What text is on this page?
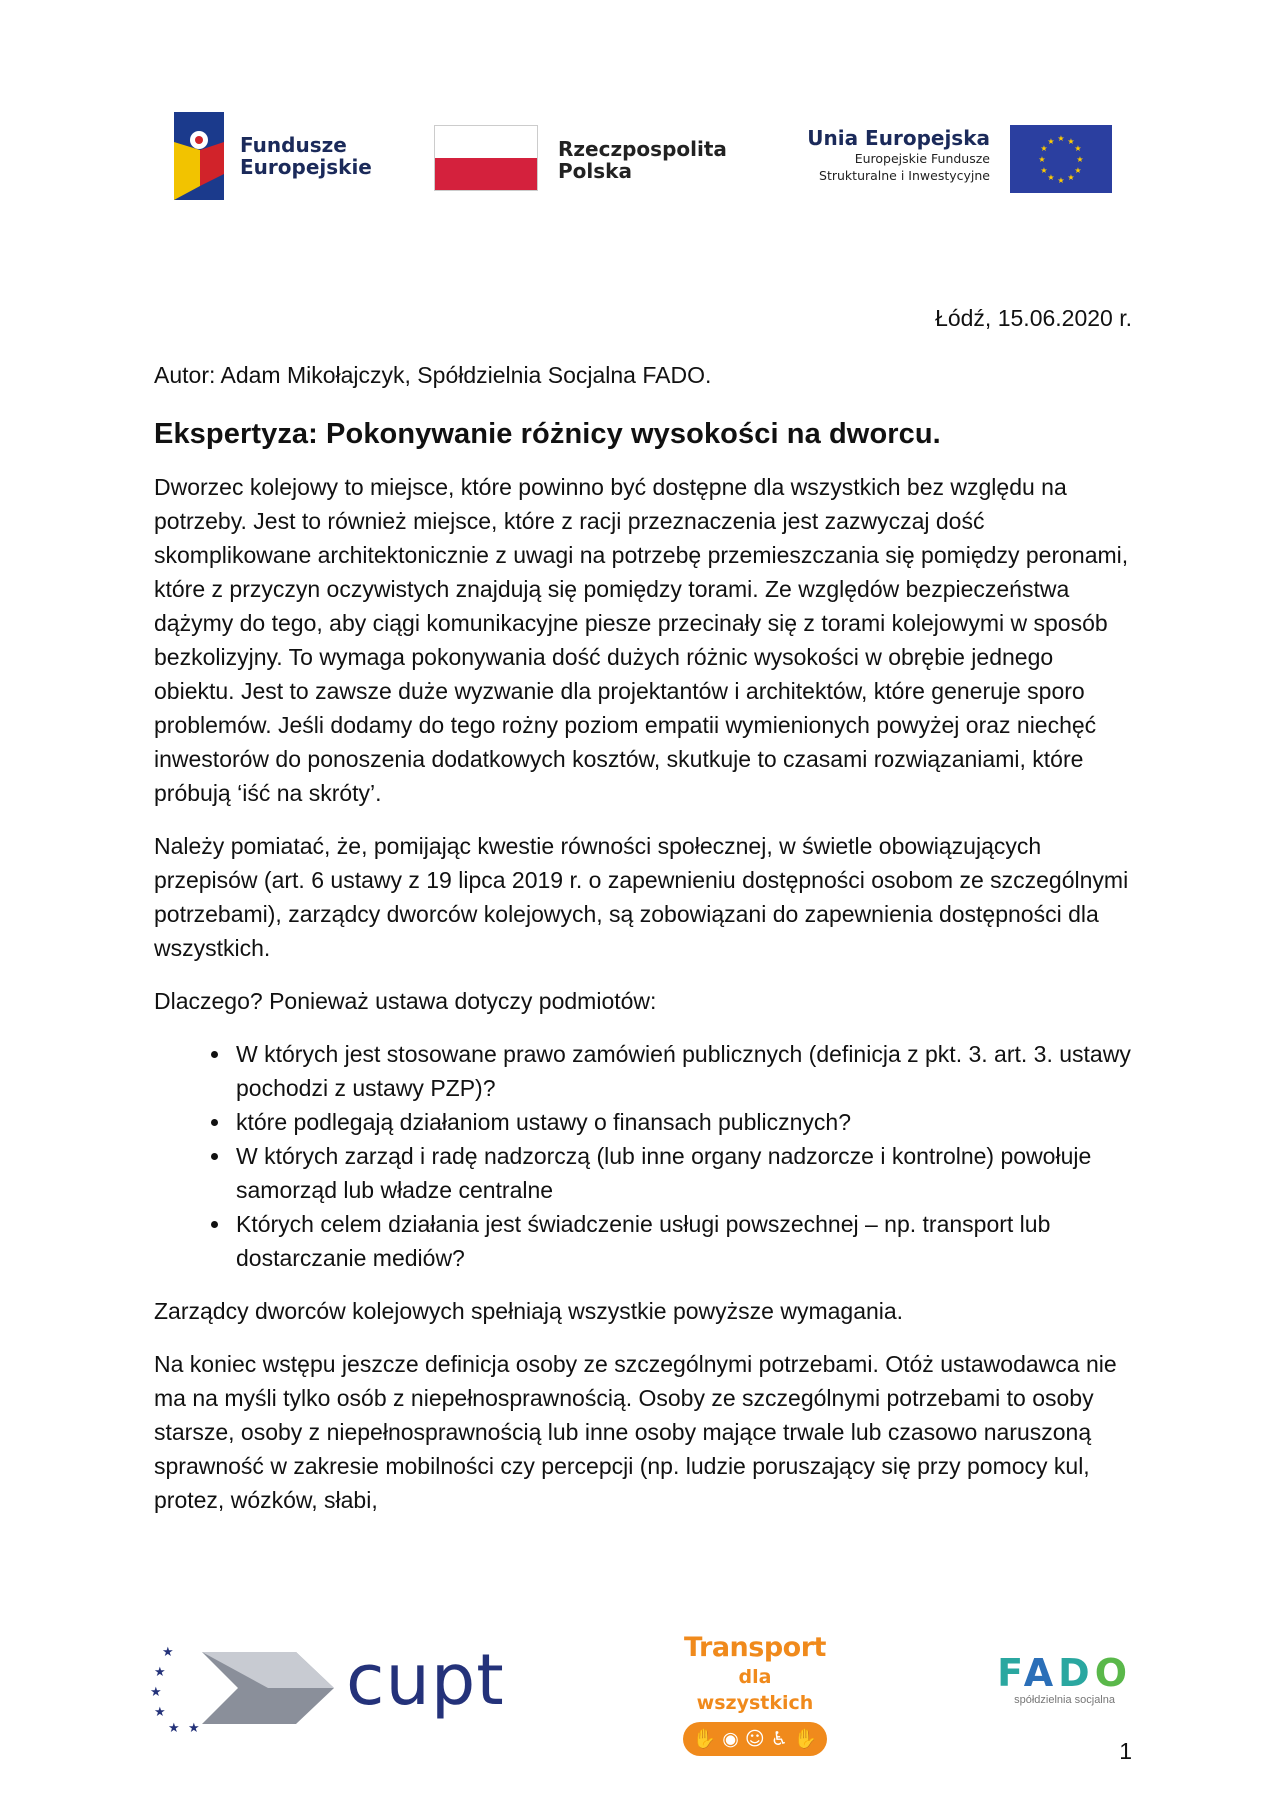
Fundusze
Europejskie
Rzeczpospolita
Polska
Unia Europejska
Europejskie Fundusze
Strukturalne i Inwestycyjne
★ ★
★
★
★
★
★
★
★
★
★
★
Łódź, 15.06.2020 r.
Autor: Adam Mikołajczyk, Spółdzielnia Socjalna FADO.
Ekspertyza: Pokonywanie różnicy wysokości na dworcu.

Dworzec kolejowy to miejsce, które powinno być dostępne dla wszystkich bez względu na potrzeby. Jest to również miejsce, które z racji przeznaczenia jest zazwyczaj dość skomplikowane architektonicznie z uwagi na potrzebę przemieszczania się pomiędzy peronami, które z przyczyn oczywistych znajdują się pomiędzy torami. Ze względów bezpieczeństwa dążymy do tego, aby ciągi komunikacyjne piesze przecinały się z torami kolejowymi w sposób bezkolizyjny. To wymaga pokonywania dość dużych różnic wysokości w obrębie jednego obiektu. Jest to zawsze duże wyzwanie dla projektantów i architektów, które generuje sporo problemów. Jeśli dodamy do tego rożny poziom empatii wymienionych powyżej oraz niechęć inwestorów do ponoszenia dodatkowych kosztów, skutkuje to czasami rozwiązaniami, które próbują ‘iść na skróty’.

Należy pomiatać, że, pomijając kwestie równości społecznej, w świetle obowiązujących przepisów (art. 6 ustawy z 19 lipca 2019 r. o zapewnieniu dostępności osobom ze szczególnymi potrzebami), zarządcy dworców kolejowych, są zobowiązani do zapewnienia dostępności dla wszystkich.

Dlaczego? Ponieważ ustawa dotyczy podmiotów:

• W których jest stosowane prawo zamówień publicznych (definicja z pkt. 3. art. 3. ustawy pochodzi z ustawy PZP)?
• które podlegają działaniom ustawy o finansach publicznych?
• W których zarząd i radę nadzorczą (lub inne organy nadzorcze i kontrolne) powołuje samorząd lub władze centralne
• Których celem działania jest świadczenie usługi powszechnej – np. transport lub dostarczanie mediów?

Zarządcy dworców kolejowych spełniają wszystkie powyższe wymagania.

Na koniec wstępu jeszcze definicja osoby ze szczególnymi potrzebami. Otóż ustawodawca nie ma na myśli tylko osób z niepełnosprawnością. Osoby ze szczególnymi potrzebami to osoby starsze, osoby z niepełnosprawnością lub inne osoby mające trwale lub czasowo naruszoną sprawność w zakresie mobilności czy percepcji (np. ludzie poruszający się przy pomocy kul, protez, wózków, słabi,

★
★
★
★
★ ★
cupt	Transport
dla wszystkich
✋ ◉ ☺ ♿ ✋
FADO
spółdzielnia socjalna
1
